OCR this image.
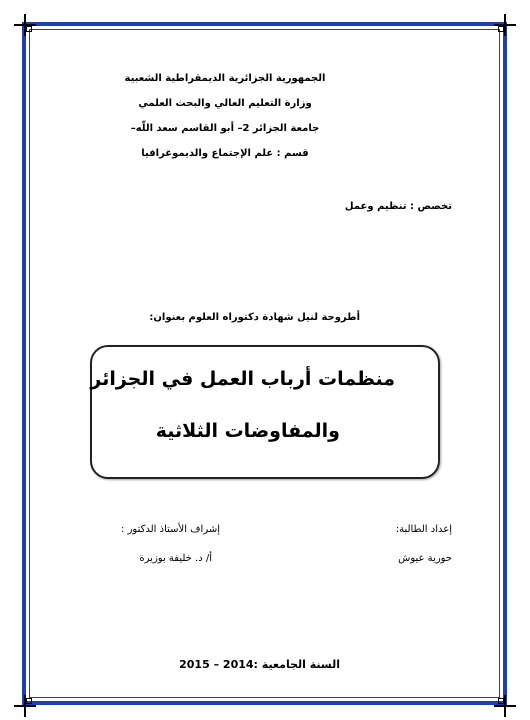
الجمهورية الجزائرية الديمقراطية الشعبية
وزارة التعليم العالي والبحث العلمي
جامعة الجزائر 2– أبو القاسم سعد اللّه–
قسم : علم الإجتماع والديموغرافيا
تخصص : تنظيم وعمل
أطروحة لنيل شهادة دكتوراه العلوم بعنوان:
منظمات أرباب العمل في الجزائر
والمفاوضات الثلاثية
إعداد الطالبة:
حورية عيوش
إشراف الأستاذ الدكتور :
أ/ د. خليفة بوزيرة
السنة الجامعية :2014 – 2015
